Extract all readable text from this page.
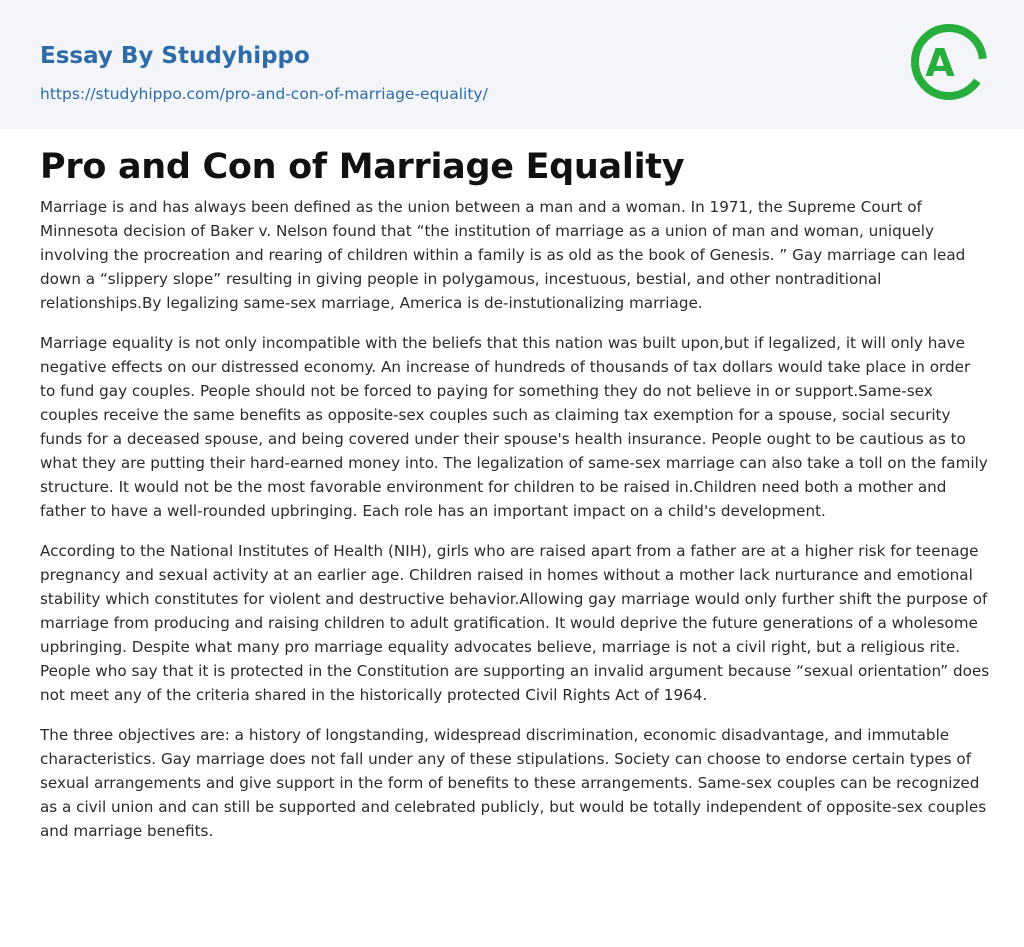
Essay By Studyhippo
https://studyhippo.com/pro-and-con-of-marriage-equality/
A
Pro and Con of Marriage Equality

Marriage is and has always been defined as the union between a man and a woman. In 1971, the Supreme Court of Minnesota decision of Baker v. Nelson found that “the institution of marriage as a union of man and woman, uniquely involving the procreation and rearing of children within a family is as old as the book of Genesis. ” Gay marriage can lead down a “slippery slope” resulting in giving people in polygamous, incestuous, bestial, and other nontraditional relationships.By legalizing same-sex marriage, America is de-instutionalizing marriage.

Marriage equality is not only incompatible with the beliefs that this nation was built upon,but if legalized, it will only have negative effects on our distressed economy. An increase of hundreds of thousands of tax dollars would take place in order to fund gay couples. People should not be forced to paying for something they do not believe in or support.Same-sex couples receive the same benefits as opposite-sex couples such as claiming tax exemption for a spouse, social security funds for a deceased spouse, and being covered under their spouse's health insurance. People ought to be cautious as to what they are putting their hard-earned money into. The legalization of same-sex marriage can also take a toll on the family structure. It would not be the most favorable environment for children to be raised in.Children need both a mother and father to have a well-rounded upbringing. Each role has an important impact on a child's development.

According to the National Institutes of Health (NIH), girls who are raised apart from a father are at a higher risk for teenage pregnancy and sexual activity at an earlier age. Children raised in homes without a mother lack nurturance and emotional stability which constitutes for violent and destructive behavior.Allowing gay marriage would only further shift the purpose of marriage from producing and raising children to adult gratification. It would deprive the future generations of a wholesome upbringing. Despite what many pro marriage equality advocates believe, marriage is not a civil right, but a religious rite. People who say that it is protected in the Constitution are supporting an invalid argument because “sexual orientation” does not meet any of the criteria shared in the historically protected Civil Rights Act of 1964.

The three objectives are: a history of longstanding, widespread discrimination, economic disadvantage, and immutable characteristics. Gay marriage does not fall under any of these stipulations. Society can choose to endorse certain types of sexual arrangements and give support in the form of benefits to these arrangements. Same-sex couples can be recognized as a civil union and can still be supported and celebrated publicly, but would be totally independent of opposite-sex couples and marriage benefits.
